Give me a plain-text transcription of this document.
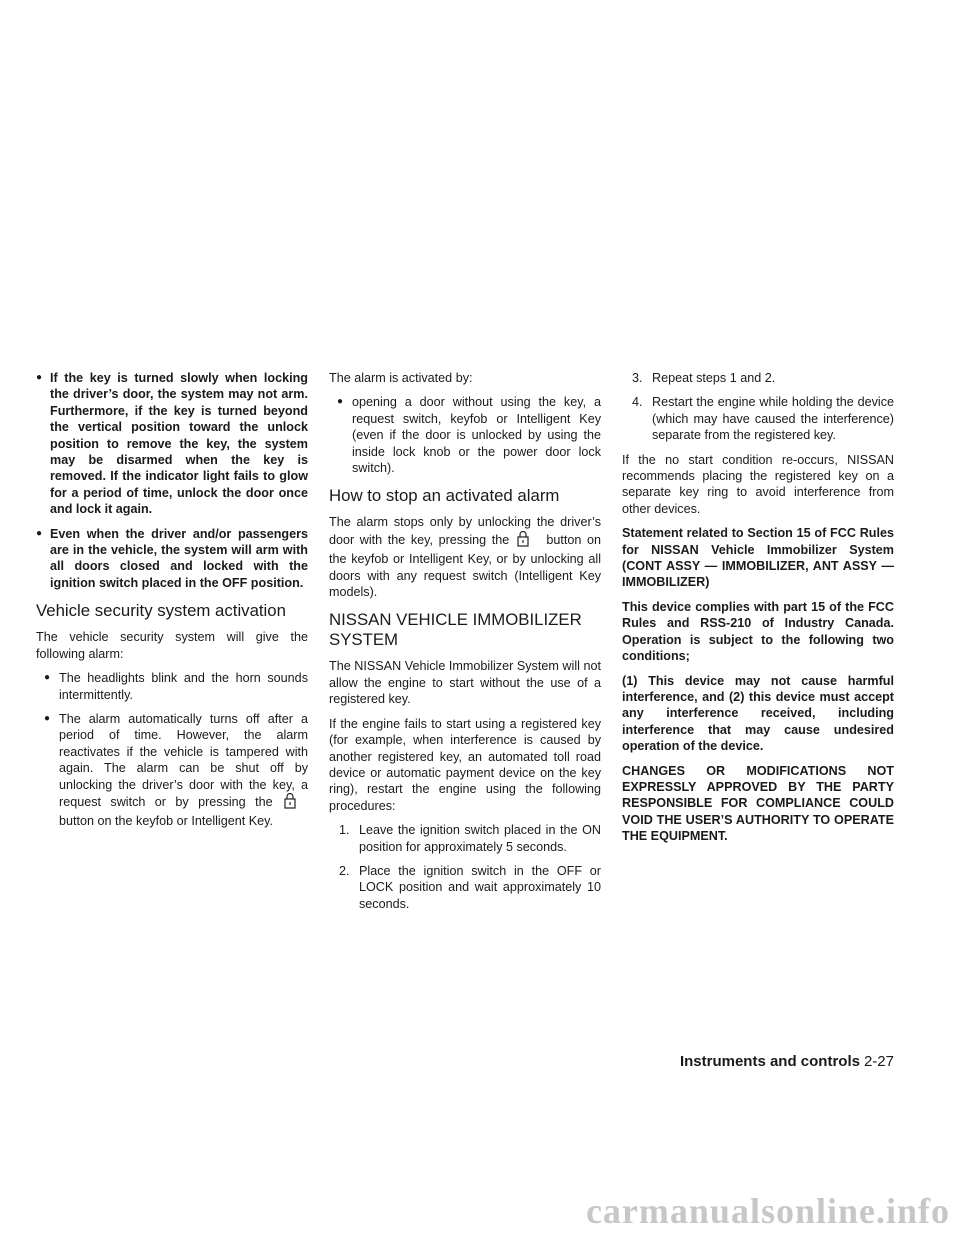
● If the key is turned slowly when locking the driver’s door, the system may not arm. Furthermore, if the key is turned beyond the vertical position toward the unlock position to remove the key, the system may be disarmed when the key is removed. If the indicator light fails to glow for a period of time, unlock the door once and lock it again.

● Even when the driver and/or passengers are in the vehicle, the system will arm with all doors closed and locked with the ignition switch placed in the OFF position.

Vehicle security system activation

The vehicle security system will give the following alarm:

● The headlights blink and the horn sounds intermittently.

● The alarm automatically turns off after a period of time. However, the alarm reactivates if the vehicle is tampered with again. The alarm can be shut off by unlocking the driver’s door with the key, a request switch or by pressing the  button on the keyfob or Intelligent Key.

The alarm is activated by:

● opening a door without using the key, a request switch, keyfob or Intelligent Key (even if the door is unlocked by using the inside lock knob or the power door lock switch).

How to stop an activated alarm

The alarm stops only by unlocking the driver’s door with the key, pressing the	button on the keyfob or Intelligent Key, or by unlocking all doors with any request switch (Intelligent Key models).

NISSAN VEHICLE IMMOBILIZER SYSTEM

The NISSAN Vehicle Immobilizer System will not allow the engine to start without the use of a registered key.

If the engine fails to start using a registered key (for example, when interference is caused by another registered key, an automated toll road device or automatic payment device on the key ring), restart the engine using the following procedures:

1. Leave the ignition switch placed in the ON position for approximately 5 seconds.

2. Place the ignition switch in the OFF or LOCK position and wait approximately 10 seconds.

3. Repeat steps 1 and 2.

4. Restart the engine while holding the device (which may have caused the interference) separate from the registered key.

If the no start condition re-occurs, NISSAN recommends placing the registered key on a separate key ring to avoid interference from other devices.

Statement related to Section 15 of FCC Rules for NISSAN Vehicle Immobilizer System (CONT ASSY — IMMOBILIZER, ANT ASSY — IMMOBILIZER)

This device complies with part 15 of the FCC Rules and RSS-210 of Industry Canada. Operation is subject to the following two conditions;

(1) This device may not cause harmful interference, and (2) this device must accept any interference received, including interference that may cause undesired operation of the device.

CHANGES OR MODIFICATIONS NOT EXPRESSLY APPROVED BY THE PARTY RESPONSIBLE FOR COMPLIANCE COULD VOID THE USER’S AUTHORITY TO OPERATE THE EQUIPMENT.

Instruments and controls 2-27
carmanualsonline.info
